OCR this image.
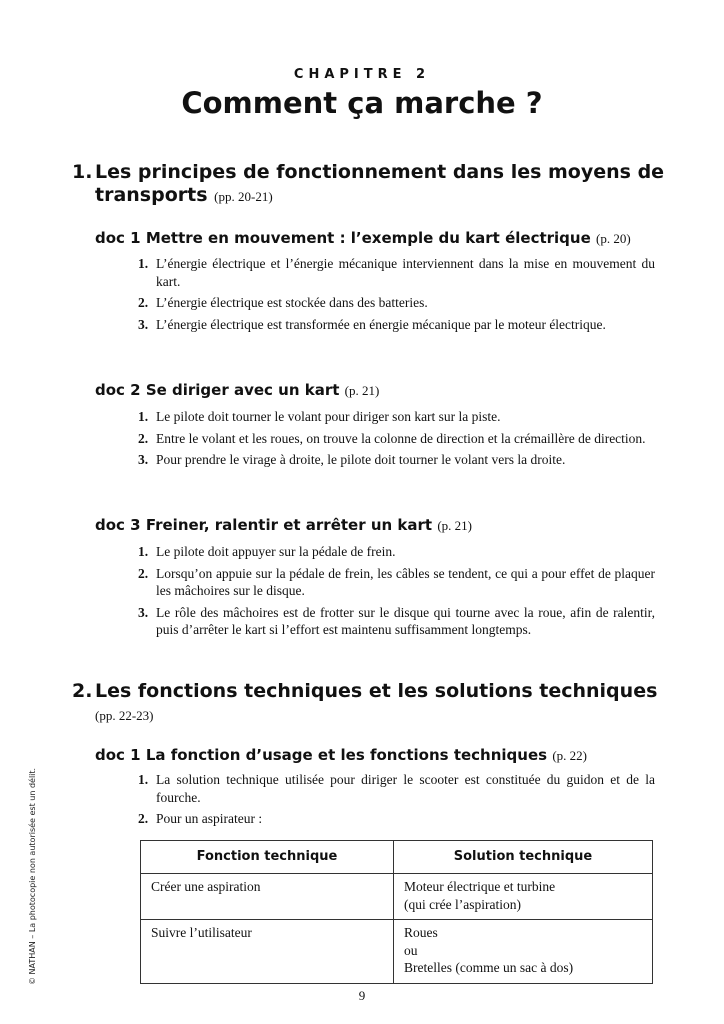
CHAPITRE 2
Comment ça marche ?
1. Les principes de fonctionnement dans les moyens de transports (pp. 20-21)
doc 1 Mettre en mouvement : l’exemple du kart électrique (p. 20)
1. L’énergie électrique et l’énergie mécanique interviennent dans la mise en mouvement du kart.
2. L’énergie électrique est stockée dans des batteries.
3. L’énergie électrique est transformée en énergie mécanique par le moteur électrique.
doc 2 Se diriger avec un kart (p. 21)
1. Le pilote doit tourner le volant pour diriger son kart sur la piste.
2. Entre le volant et les roues, on trouve la colonne de direction et la crémaillère de direction.
3. Pour prendre le virage à droite, le pilote doit tourner le volant vers la droite.
doc 3 Freiner, ralentir et arrêter un kart (p. 21)
1. Le pilote doit appuyer sur la pédale de frein.
2. Lorsqu’on appuie sur la pédale de frein, les câbles se tendent, ce qui a pour effet de plaquer les mâchoires sur le disque.
3. Le rôle des mâchoires est de frotter sur le disque qui tourne avec la roue, afin de ralentir, puis d’arrêter le kart si l’effort est maintenu suffisamment longtemps.
2. Les fonctions techniques et les solutions techniques
(pp. 22-23)
doc 1 La fonction d’usage et les fonctions techniques (p. 22)
1. La solution technique utilisée pour diriger le scooter est constituée du guidon et de la fourche.
2. Pour un aspirateur :
Fonction technique	Solution technique
Créer une aspiration	Moteur électrique et turbine
(qui crée l’aspiration)

Suivre l’utilisateur	Roues
ou
Bretelles (comme un sac à dos)
© NATHAN – La photocopie non autorisée est un délit.
9
